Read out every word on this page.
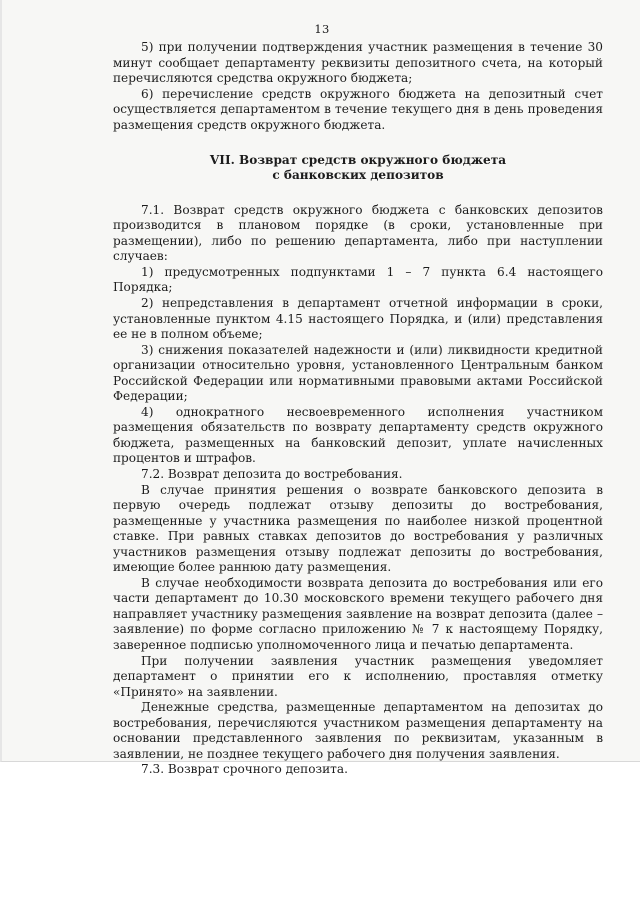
13

5) при получении подтверждения участник размещения в течение 30 минут сообщает департаменту реквизиты депозитного счета, на который перечисляются средства окружного бюджета;

6) перечисление средств окружного бюджета на депозитный счет осуществляется департаментом в течение текущего дня в день проведения размещения средств окружного бюджета.

VII. Возврат средств окружного бюджета
с банковских депозитов

7.1. Возврат средств окружного бюджета с банковских депозитов производится в плановом порядке (в сроки, установленные при размещении), либо по решению департамента, либо при наступлении случаев:

1) предусмотренных подпунктами 1 – 7 пункта 6.4 настоящего Порядка;

2) непредставления в департамент отчетной информации в сроки, установленные пунктом 4.15 настоящего Порядка, и (или) представления ее не в полном объеме;

3) снижения показателей надежности и (или) ликвидности кредитной организации относительно уровня, установленного Центральным банком Российской Федерации или нормативными правовыми актами Российской Федерации;

4) однократного несвоевременного исполнения участником размещения обязательств по возврату департаменту средств окружного бюджета, размещенных на банковский депозит, уплате начисленных процентов и штрафов.

7.2. Возврат депозита до востребования.

В случае принятия решения о возврате банковского депозита в первую очередь подлежат отзыву депозиты до востребования, размещенные у участника размещения по наиболее низкой процентной ставке. При равных ставках депозитов до востребования у различных участников размещения отзыву подлежат депозиты до востребования, имеющие более раннюю дату размещения.

В случае необходимости возврата депозита до востребования или его части департамент до 10.30 московского времени текущего рабочего дня направляет участнику размещения заявление на возврат депозита (далее – заявление) по форме согласно приложению № 7 к настоящему Порядку, заверенное подписью уполномоченного лица и печатью департамента.

При получении заявления участник размещения уведомляет департамент о принятии его к исполнению, проставляя отметку «Принято» на заявлении.

Денежные средства, размещенные департаментом на депозитах до востребования, перечисляются участником размещения департаменту на основании представленного заявления по реквизитам, указанным в заявлении, не позднее текущего рабочего дня получения заявления.

7.3. Возврат срочного депозита.
